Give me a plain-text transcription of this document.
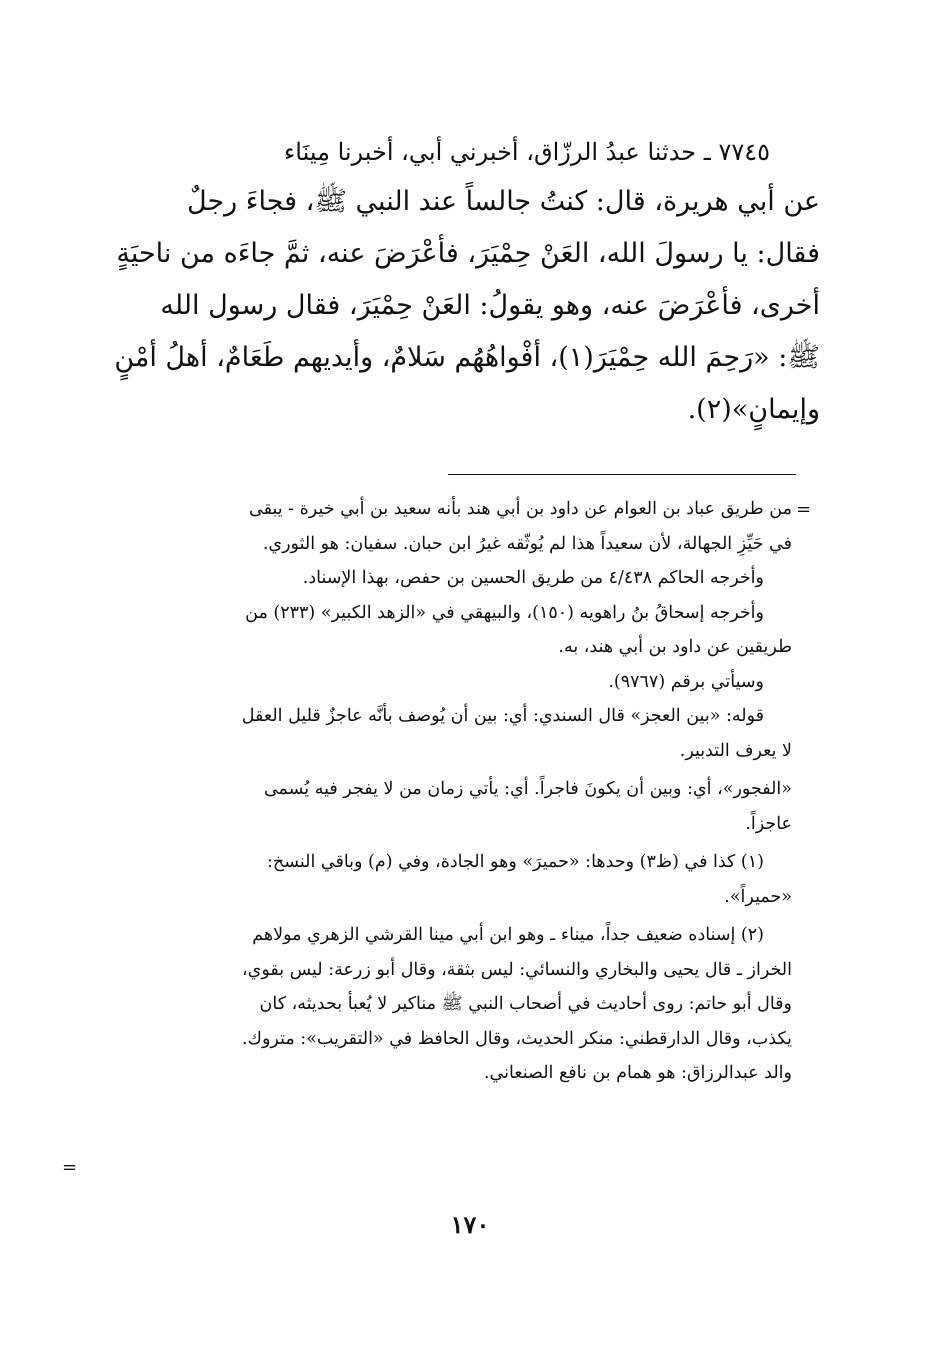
٧٧٤٥ ـ حدثنا عبدُ الرزّاق، أخبرني أبي، أخبرنا مِينَاء

عن أبي هريرة، قال: كنتُ جالساً عند النبي ﷺ، فجاءَ رجلٌ

فقال: يا رسولَ الله، العَنْ حِمْيَرَ، فأعْرَضَ عنه، ثمَّ جاءَه من ناحيَةٍ

أخرى، فأعْرَضَ عنه، وهو يقولُ: العَنْ حِمْيَرَ، فقال رسول الله

ﷺ: «رَحِمَ الله حِمْيَرَ(١)، أفْواهُهُم سَلامٌ، وأيديهم طَعَامٌ، أهلُ أمْنٍ

وإيمانٍ»(٢).

=

من طريق عباد بن العوام عن داود بن أبي هند بأنه سعيد بن أبي خيرة - يبقى

في حَيِّزِ الجهالة، لأن سعيداً هذا لم يُوثّقه غيرُ ابن حبان. سفيان: هو الثوري.

وأخرجه الحاكم ٤/٤٣٨ من طريق الحسين بن حفص، بهذا الإسناد.

وأخرجه إسحاقُ بنُ راهويه (١٥٠)، والبيهقي في «الزهد الكبير» (٢٣٣) من

طريقين عن داود بن أبي هند، به.

وسيأتي برقم (٩٧٦٧).

قوله: «بين العجز» قال السندي: أي: بين أن يُوصف بأنَّه عاجزٌ قليل العقل

لا يعرف التدبير.

«الفجور»، أي: وبين أن يكونَ فاجراً. أي: يأتي زمان من لا يفجر فيه يُسمى

عاجزاً.

(١) كذا في (ظ٣) وحدها: «حميرَ» وهو الجادة، وفي (م) وباقي النسخ:

«حميراً».

(٢) إسناده ضعيف جداً، ميناء ـ وهو ابن أبي مينا القرشي الزهري مولاهم

الخراز ـ قال يحيى والبخاري والنسائي: ليس بثقة، وقال أبو زرعة: ليس بقوي،

وقال أبو حاتم: روى أحاديث في أصحاب النبي ﷺ مناكير لا يُعبأ بحديثه، كان

يكذب، وقال الدارقطني: منكر الحديث، وقال الحافظ في «التقريب»: متروك.

والد عبدالرزاق: هو همام بن نافع الصنعاني.

=
١٧٠
